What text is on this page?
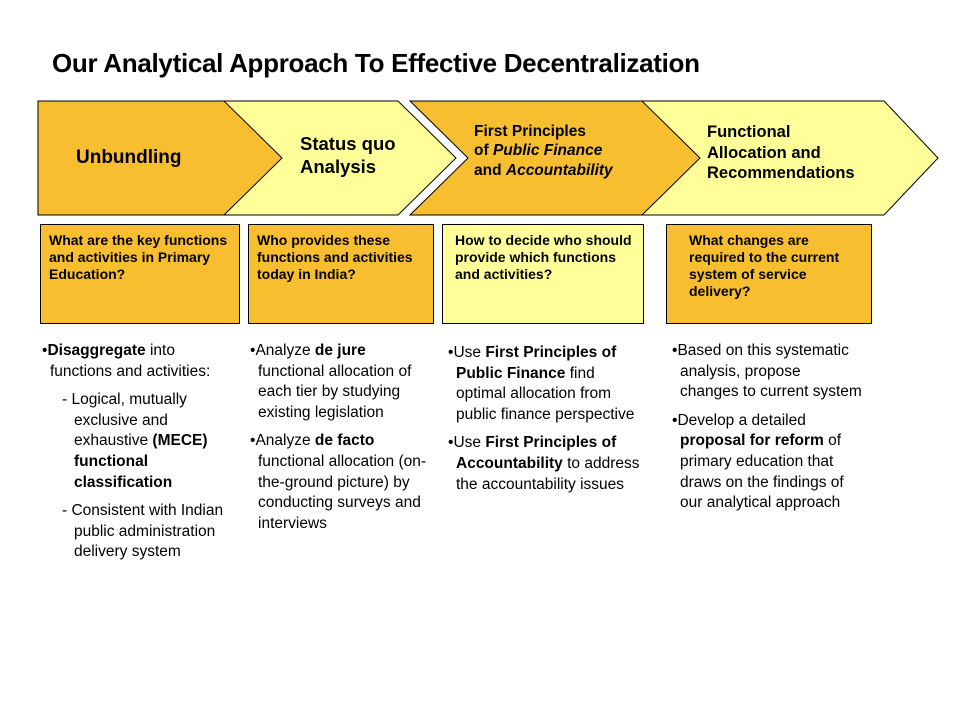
Our Analytical Approach To Effective Decentralization
Unbundling
Status quo
Analysis
First Principles
of Public Finance
and Accountability
Functional
Allocation and
Recommendations
What are the key functions and activities in Primary Education?
Who provides these functions and activities today in India?
How to decide who should provide which functions and activities?
What changes are required to the current system of service delivery?
•Disaggregate into functions and activities:
- Logical, mutually exclusive and exhaustive (MECE) functional classification
- Consistent with Indian public administration delivery system
•Analyze de jure functional allocation of each tier by studying existing legislation
•Analyze de facto functional allocation (on-the-ground picture) by conducting surveys and interviews
•Use First Principles of Public Finance find optimal allocation from public finance perspective
•Use First Principles of Accountability to address the accountability issues
•Based on this systematic analysis, propose changes to current system
•Develop a detailed proposal for reform of primary education that draws on the findings of our analytical approach
